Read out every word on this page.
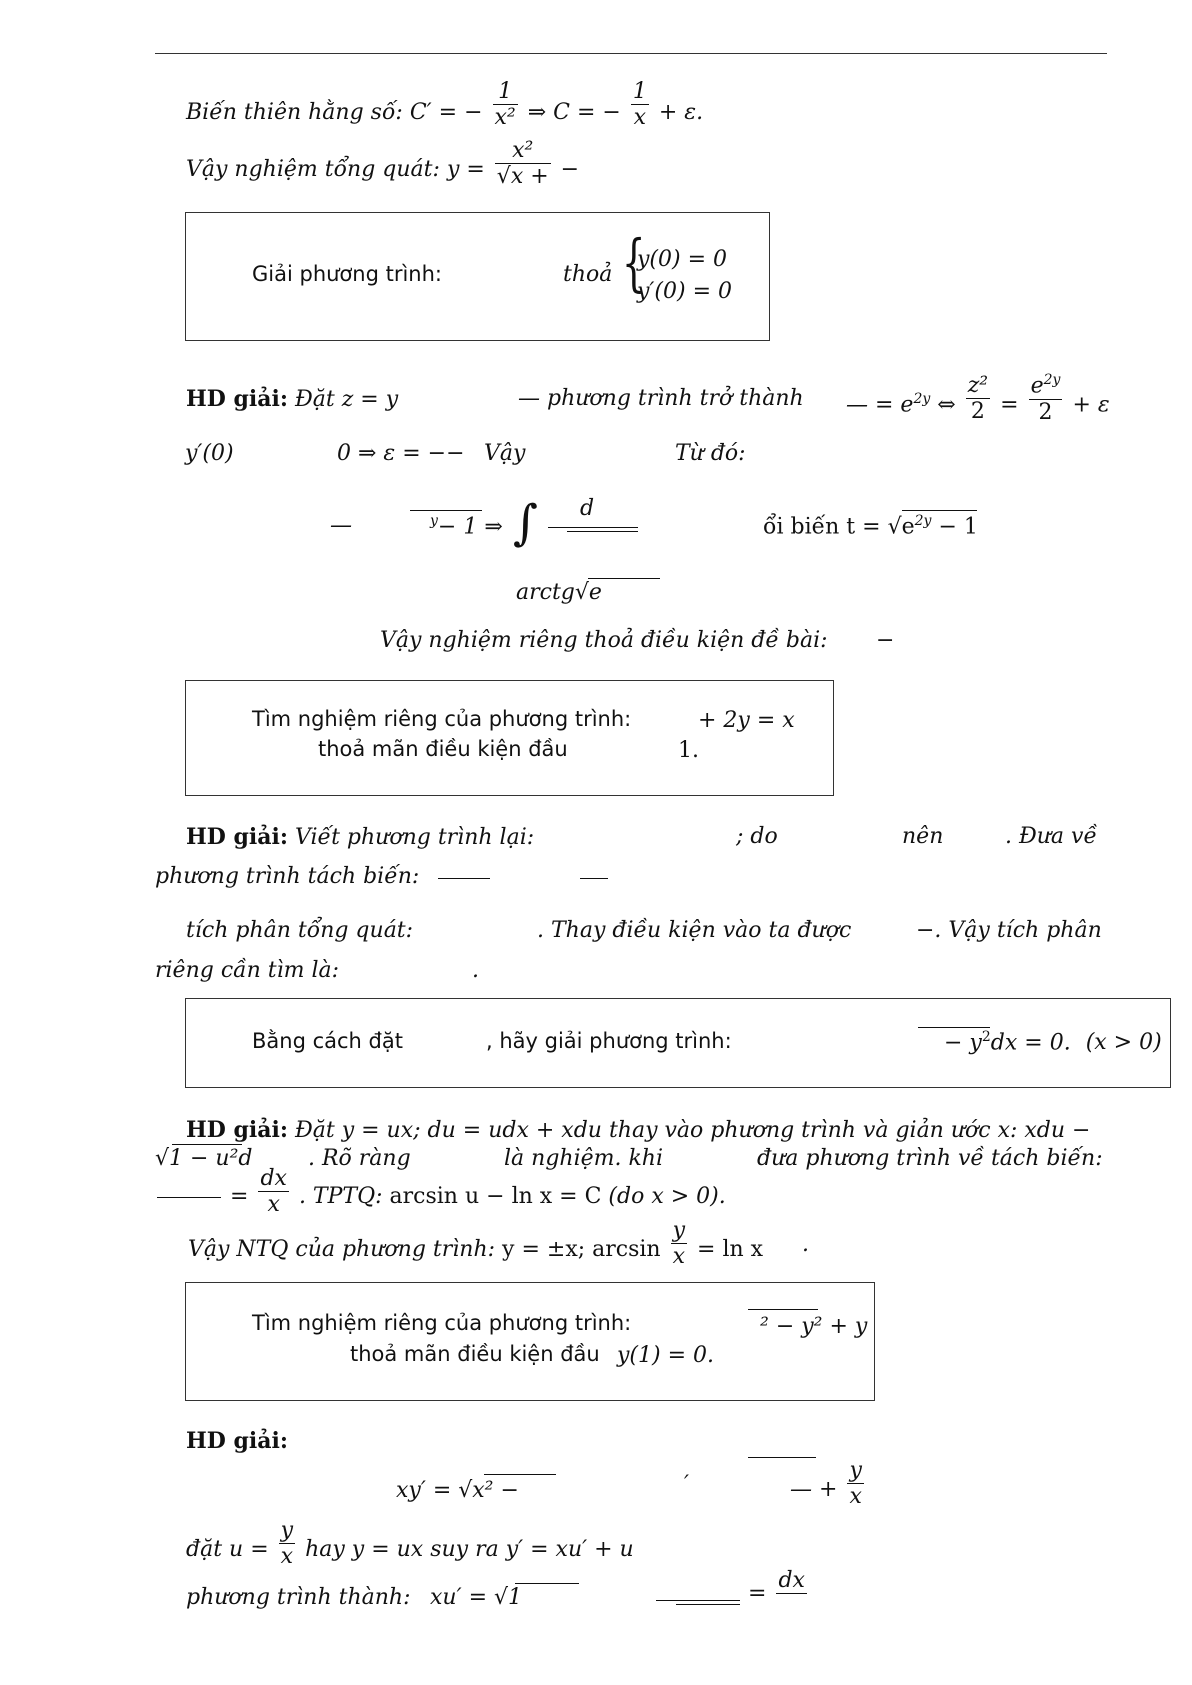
Biến thiên hằng số: C′ = − $\frac{1}{\text{x²}}$ ⇒ C = − $\frac{1}{x} + \varepsilon$.
Vậy nghiệm tổng quát: $y = \frac{\text{x²}}{√x +}$ −
Giải phương trình:	thoả {
y(0) = 0
y′(0) = 0
HD giải: Đặt z = y	— phương trình trở thành — = $e^{2y}$ ⇔ $\frac{\text{z²}}{2} = \frac{e^{2y}}{2} + \varepsilon$
y′(0)	0 ⇒ ε = −− Vậy	Từ đó:
—	$^y$− 1 ⇒ ∫ d
ổi biến $t = √e^{2y} - 1$
arctg√e
Vậy nghiệm riêng thoả điều kiện đề bài: −
Tìm nghiệm riêng của phương trình:	+ 2y = x
thoả mãn điều kiện đầu	1.
HD giải: Viết phương trình lại:	; do	nên	. Đưa về
phương trình tách biến:
tích phân tổng quát:	. Thay điều kiện vào ta được	−. Vậy tích phân
riêng cần tìm là:	.
Bằng cách đặt	, hãy giải phương trình:	− $y^2dx = 0$. (x > 0)
HD giải: Đặt y = ux; du = udx + xdu thay vào phương trình và giản ước x: xdu −
√1 − u²d	. Rõ ràng	là nghiệm. khi	đưa phương trình về tách biến:
= $\frac{dx}{x}$ . TPTQ: arcsin u − ln x = C (do x > 0).
Vậy NTQ của phương trình: y = ±x; $\arcsin \frac{y}{x} = \ln x$ .
Tìm nghiệm riêng của phương trình:	² − y² + y
thoả mãn điều kiện đầu y(1) = 0.
HD giải:
xy′ = √x² −	′	— + $\frac{y}{x}$
đặt $u = \frac{y}{x}$ hay y = ux suy ra y′ = xu′ + u
phương trình thành: xu′ = √1	=
dx
